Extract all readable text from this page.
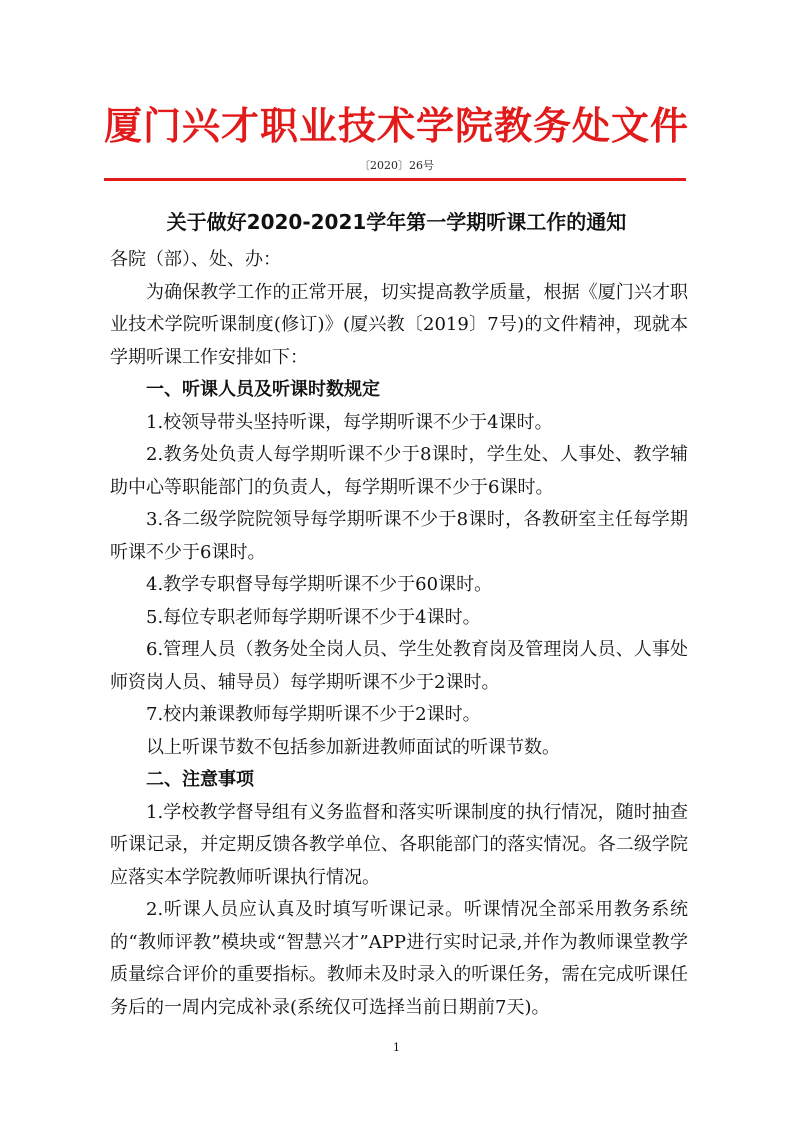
厦门兴才职业技术学院教务处文件
〔2020〕26号
关于做好2020-2021学年第一学期听课工作的通知

各院（部）、处、办：

为确保教学工作的正常开展，切实提高教学质量，根据《厦门兴才职业技术学院听课制度(修订)》(厦兴教〔2019〕7号)的文件精神，现就本学期听课工作安排如下：

一、听课人员及听课时数规定

1.校领导带头坚持听课，每学期听课不少于4课时。

2.教务处负责人每学期听课不少于8课时，学生处、人事处、教学辅助中心等职能部门的负责人，每学期听课不少于6课时。

3.各二级学院院领导每学期听课不少于8课时，各教研室主任每学期听课不少于6课时。

4.教学专职督导每学期听课不少于60课时。

5.每位专职老师每学期听课不少于4课时。

6.管理人员（教务处全岗人员、学生处教育岗及管理岗人员、人事处师资岗人员、辅导员）每学期听课不少于2课时。

7.校内兼课教师每学期听课不少于2课时。

以上听课节数不包括参加新进教师面试的听课节数。

二、注意事项

1.学校教学督导组有义务监督和落实听课制度的执行情况，随时抽查听课记录，并定期反馈各教学单位、各职能部门的落实情况。各二级学院应落实本学院教师听课执行情况。

2.听课人员应认真及时填写听课记录。听课情况全部采用教务系统的“教师评教”模块或“智慧兴才”APP进行实时记录,并作为教师课堂教学质量综合评价的重要指标。教师未及时录入的听课任务，需在完成听课任务后的一周内完成补录(系统仅可选择当前日期前7天)。

1
